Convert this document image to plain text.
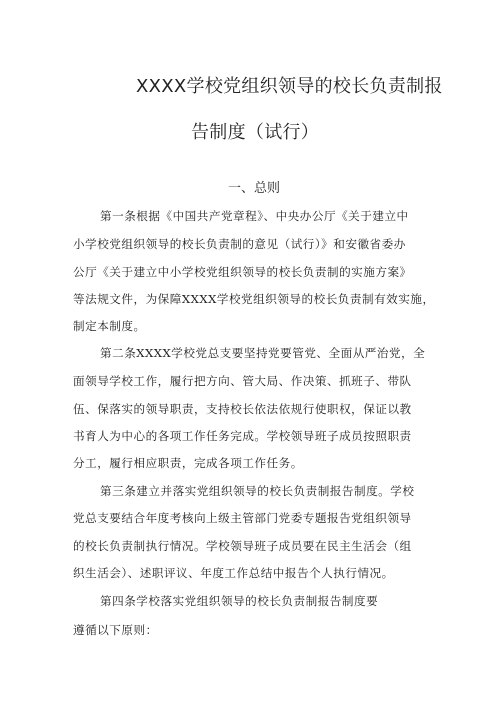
XXXX学校党组织领导的校长负责制报
告制度（试行）
一、总则
第一条根据《中国共产党章程》、中央办公厅《关于建立中
小学校党组织领导的校长负责制的意见（试行）》和安徽省委办
公厅《关于建立中小学校党组织领导的校长负责制的实施方案》
等法规文件，为保障XXXX学校党组织领导的校长负责制有效实施，
制定本制度。
第二条XXXX学校党总支要坚持党要管党、全面从严治党，全
面领导学校工作，履行把方向、管大局、作决策、抓班子、带队
伍、保落实的领导职责，支持校长依法依规行使职权，保证以教
书育人为中心的各项工作任务完成。学校领导班子成员按照职责
分工，履行相应职责，完成各项工作任务。
第三条建立并落实党组织领导的校长负责制报告制度。学校
党总支要结合年度考核向上级主管部门党委专题报告党组织领导
的校长负责制执行情况。学校领导班子成员要在民主生活会（组
织生活会）、述职评议、年度工作总结中报告个人执行情况。
第四条学校落实党组织领导的校长负责制报告制度要
遵循以下原则：
